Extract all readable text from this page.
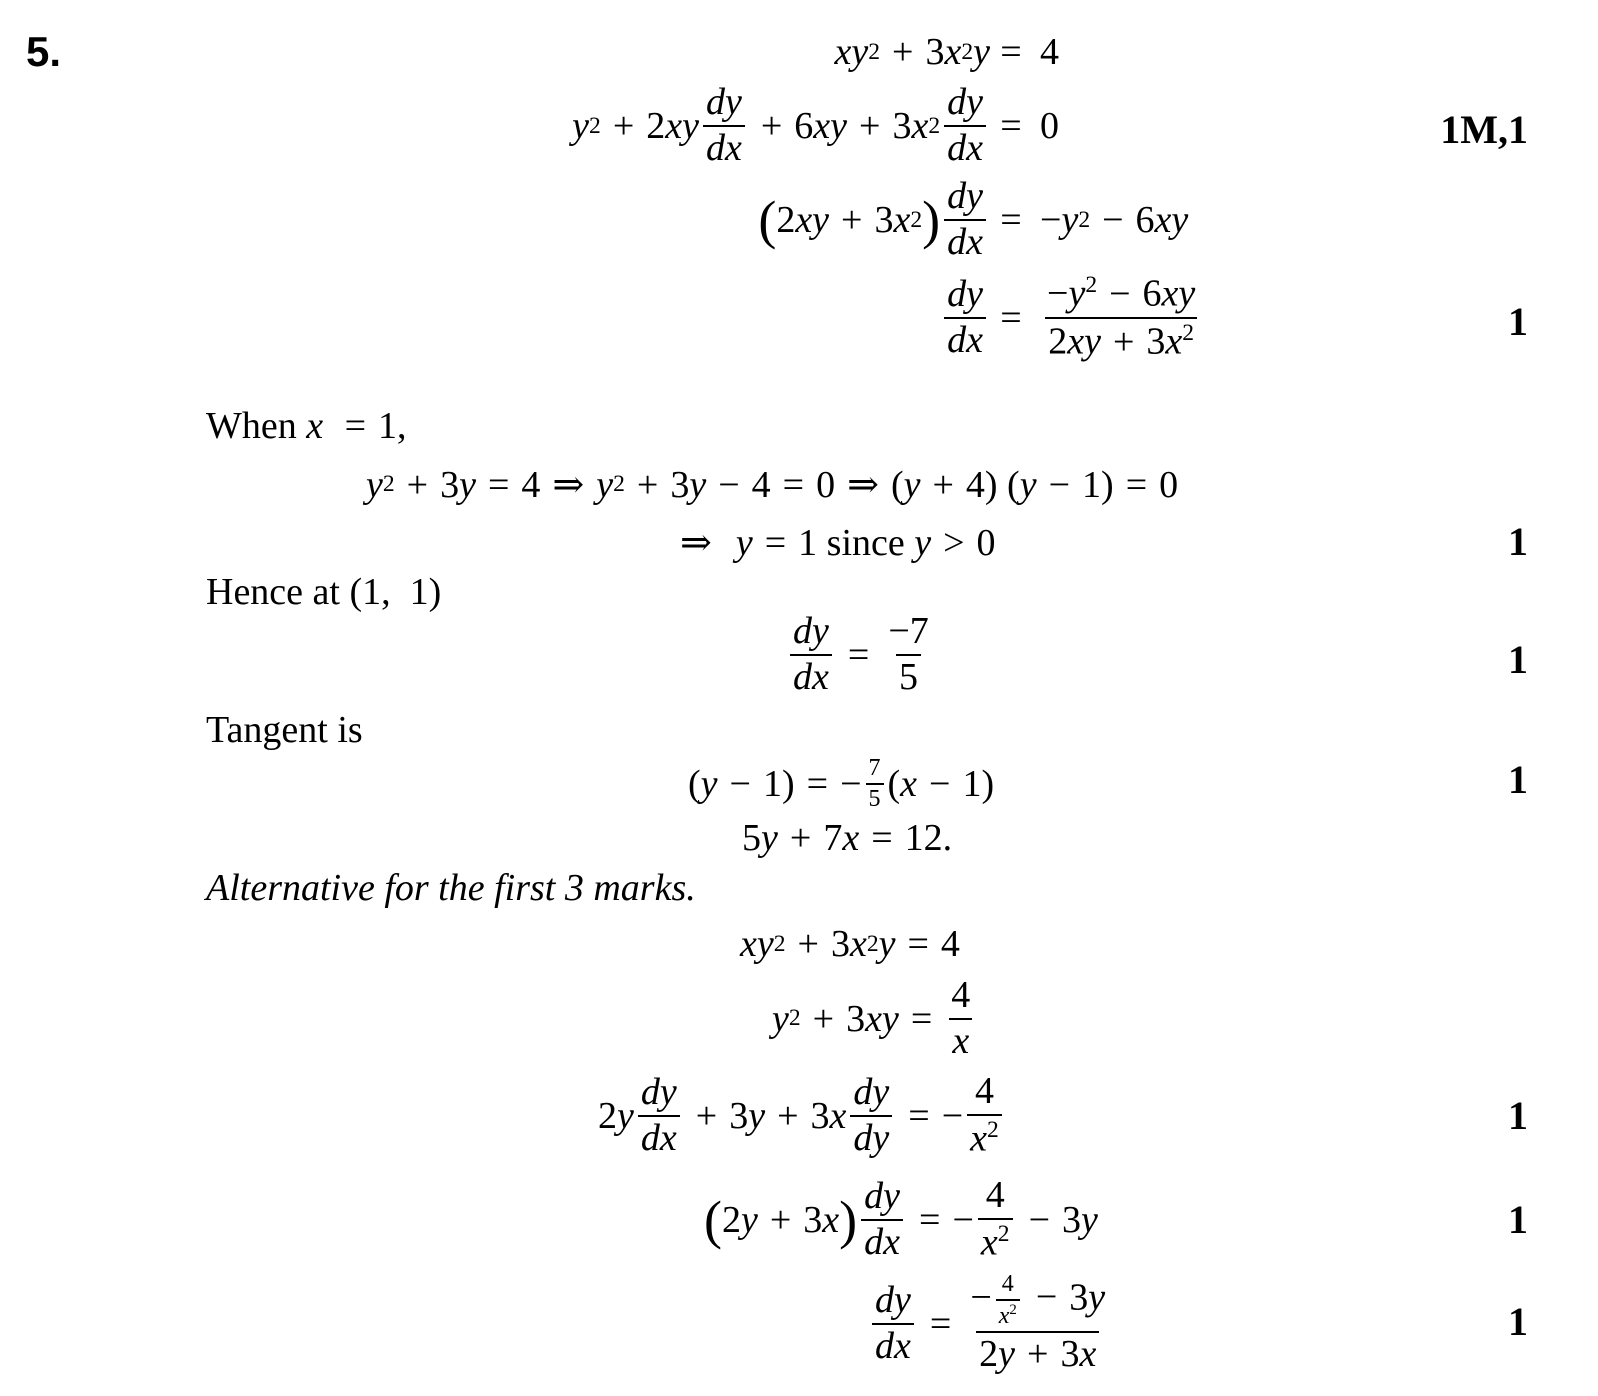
5.	xy 2 + 3 x 2 y = 4
y 2 + 2 xy $\frac{dy}{dx} + 6$ xy + 3 x $2 \frac{dy}{dx} = 0$	1M,1
( 2 xy + 3 x 2 ) $\frac{dy}{dx}$ = − y 2 − 6 xy
$\frac{dy}{dx} = \frac{-y^2 - 6xy}{2xy + 3x^2}$	1
When x = 1,
y 2 + 3 y = 4 ⇒ y 2 + 3 y − 4 = 0 ⇒ ( y + 4) ( y − 1) = 0
⇒ y = 1 since
y > 0	1
Hence at (1,  1)
$\frac{dy}{dx} = \frac{-7}{5}$	1
Tangent is
( y − 1) = − $\frac{7}{5}$ ( x − 1)	1
5 y + 7 x = 12.
Alternative for the first 3 marks.
xy 2 + 3 x 2 y = 4
y 2 + 3 xy = $\frac{4}{x}$
2 y $\frac{dy}{dx} + 3$ y + 3 x $\frac{dy}{dy}$ = − $\frac{4}{x^2}$	1
( 2 y + 3 x ) $\frac{dy}{dx}$ = − $\frac{4}{x^2} - 3$ y	1
$\frac{dy}{dx} = \frac{- \frac{4}{x^2} - 3y}{2y + 3x}$	1
